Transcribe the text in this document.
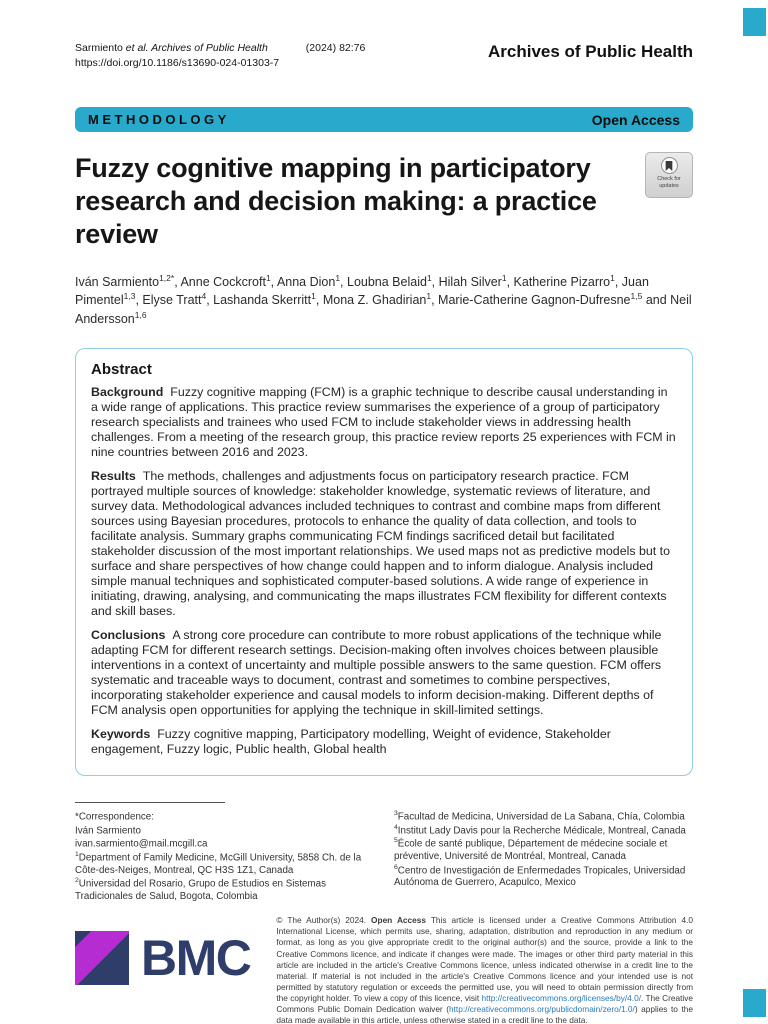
Sarmiento et al. Archives of Public Health	(2024) 82:76
https://doi.org/10.1186/s13690-024-01303-7
Archives of Public Health
METHODOLOGY	Open Access
Fuzzy cognitive mapping in participatory research and decision making: a practice review
Check for
updates

Iván Sarmiento$^{1,2*}$, Anne Cockcroft$^1$, Anna Dion$^1$, Loubna Belaid$^1$, Hilah Silver$^1$, Katherine Pizarro$^1$, Juan Pimentel$^{1,3}$, Elyse Tratt$^4$, Lashanda Skerritt$^1$, Mona Z. Ghadirian$^1$, Marie-Catherine Gagnon-Dufresne$^{1,5}$ and Neil Andersson$^{1,6}$

Abstract

Background Fuzzy cognitive mapping (FCM) is a graphic technique to describe causal understanding in a wide range of applications. This practice review summarises the experience of a group of participatory research specialists and trainees who used FCM to include stakeholder views in addressing health challenges. From a meeting of the research group, this practice review reports 25 experiences with FCM in nine countries between 2016 and 2023.

Results The methods, challenges and adjustments focus on participatory research practice. FCM portrayed multiple sources of knowledge: stakeholder knowledge, systematic reviews of literature, and survey data. Methodological advances included techniques to contrast and combine maps from different sources using Bayesian procedures, protocols to enhance the quality of data collection, and tools to facilitate analysis. Summary graphs communicating FCM findings sacrificed detail but facilitated stakeholder discussion of the most important relationships. We used maps not as predictive models but to surface and share perspectives of how change could happen and to inform dialogue. Analysis included simple manual techniques and sophisticated computer-based solutions. A wide range of experience in initiating, drawing, analysing, and communicating the maps illustrates FCM flexibility for different contexts and skill bases.

Conclusions A strong core procedure can contribute to more robust applications of the technique while adapting FCM for different research settings. Decision-making often involves choices between plausible interventions in a context of uncertainty and multiple possible answers to the same question. FCM offers systematic and traceable ways to document, contrast and sometimes to combine perspectives, incorporating stakeholder experience and causal models to inform decision-making. Different depths of FCM analysis open opportunities for applying the technique in skill-limited settings.

Keywords Fuzzy cognitive mapping, Participatory modelling, Weight of evidence, Stakeholder engagement, Fuzzy logic, Public health, Global health

*Correspondence:
Iván Sarmiento
ivan.sarmiento@mail.mcgill.ca
$^1$Department of Family Medicine, McGill University, 5858 Ch. de la Côte-des-Neiges, Montreal, QC H3S 1Z1, Canada
$^2$Universidad del Rosario, Grupo de Estudios en Sistemas Tradicionales de Salud, Bogota, Colombia
$^3$Facultad de Medicina, Universidad de La Sabana, Chía, Colombia
$^4$Institut Lady Davis pour la Recherche Médicale, Montreal, Canada
$^5$École de santé publique, Département de médecine sociale et préventive, Université de Montréal, Montreal, Canada
$^6$Centro de Investigación de Enfermedades Tropicales, Universidad Autónoma de Guerrero, Acapulco, Mexico
BMC
© The Author(s) 2024. Open Access This article is licensed under a Creative Commons Attribution 4.0 International License, which permits use, sharing, adaptation, distribution and reproduction in any medium or format, as long as you give appropriate credit to the original author(s) and the source, provide a link to the Creative Commons licence, and indicate if changes were made. The images or other third party material in this article are included in the article's Creative Commons licence, unless indicated otherwise in a credit line to the material. If material is not included in the article's Creative Commons licence and your intended use is not permitted by statutory regulation or exceeds the permitted use, you will need to obtain permission directly from the copyright holder. To view a copy of this licence, visit http://creativecommons.org/licenses/by/4.0/. The Creative Commons Public Domain Dedication waiver (http://creativecommons.org/publicdomain/zero/1.0/) applies to the data made available in this article, unless otherwise stated in a credit line to the data.
